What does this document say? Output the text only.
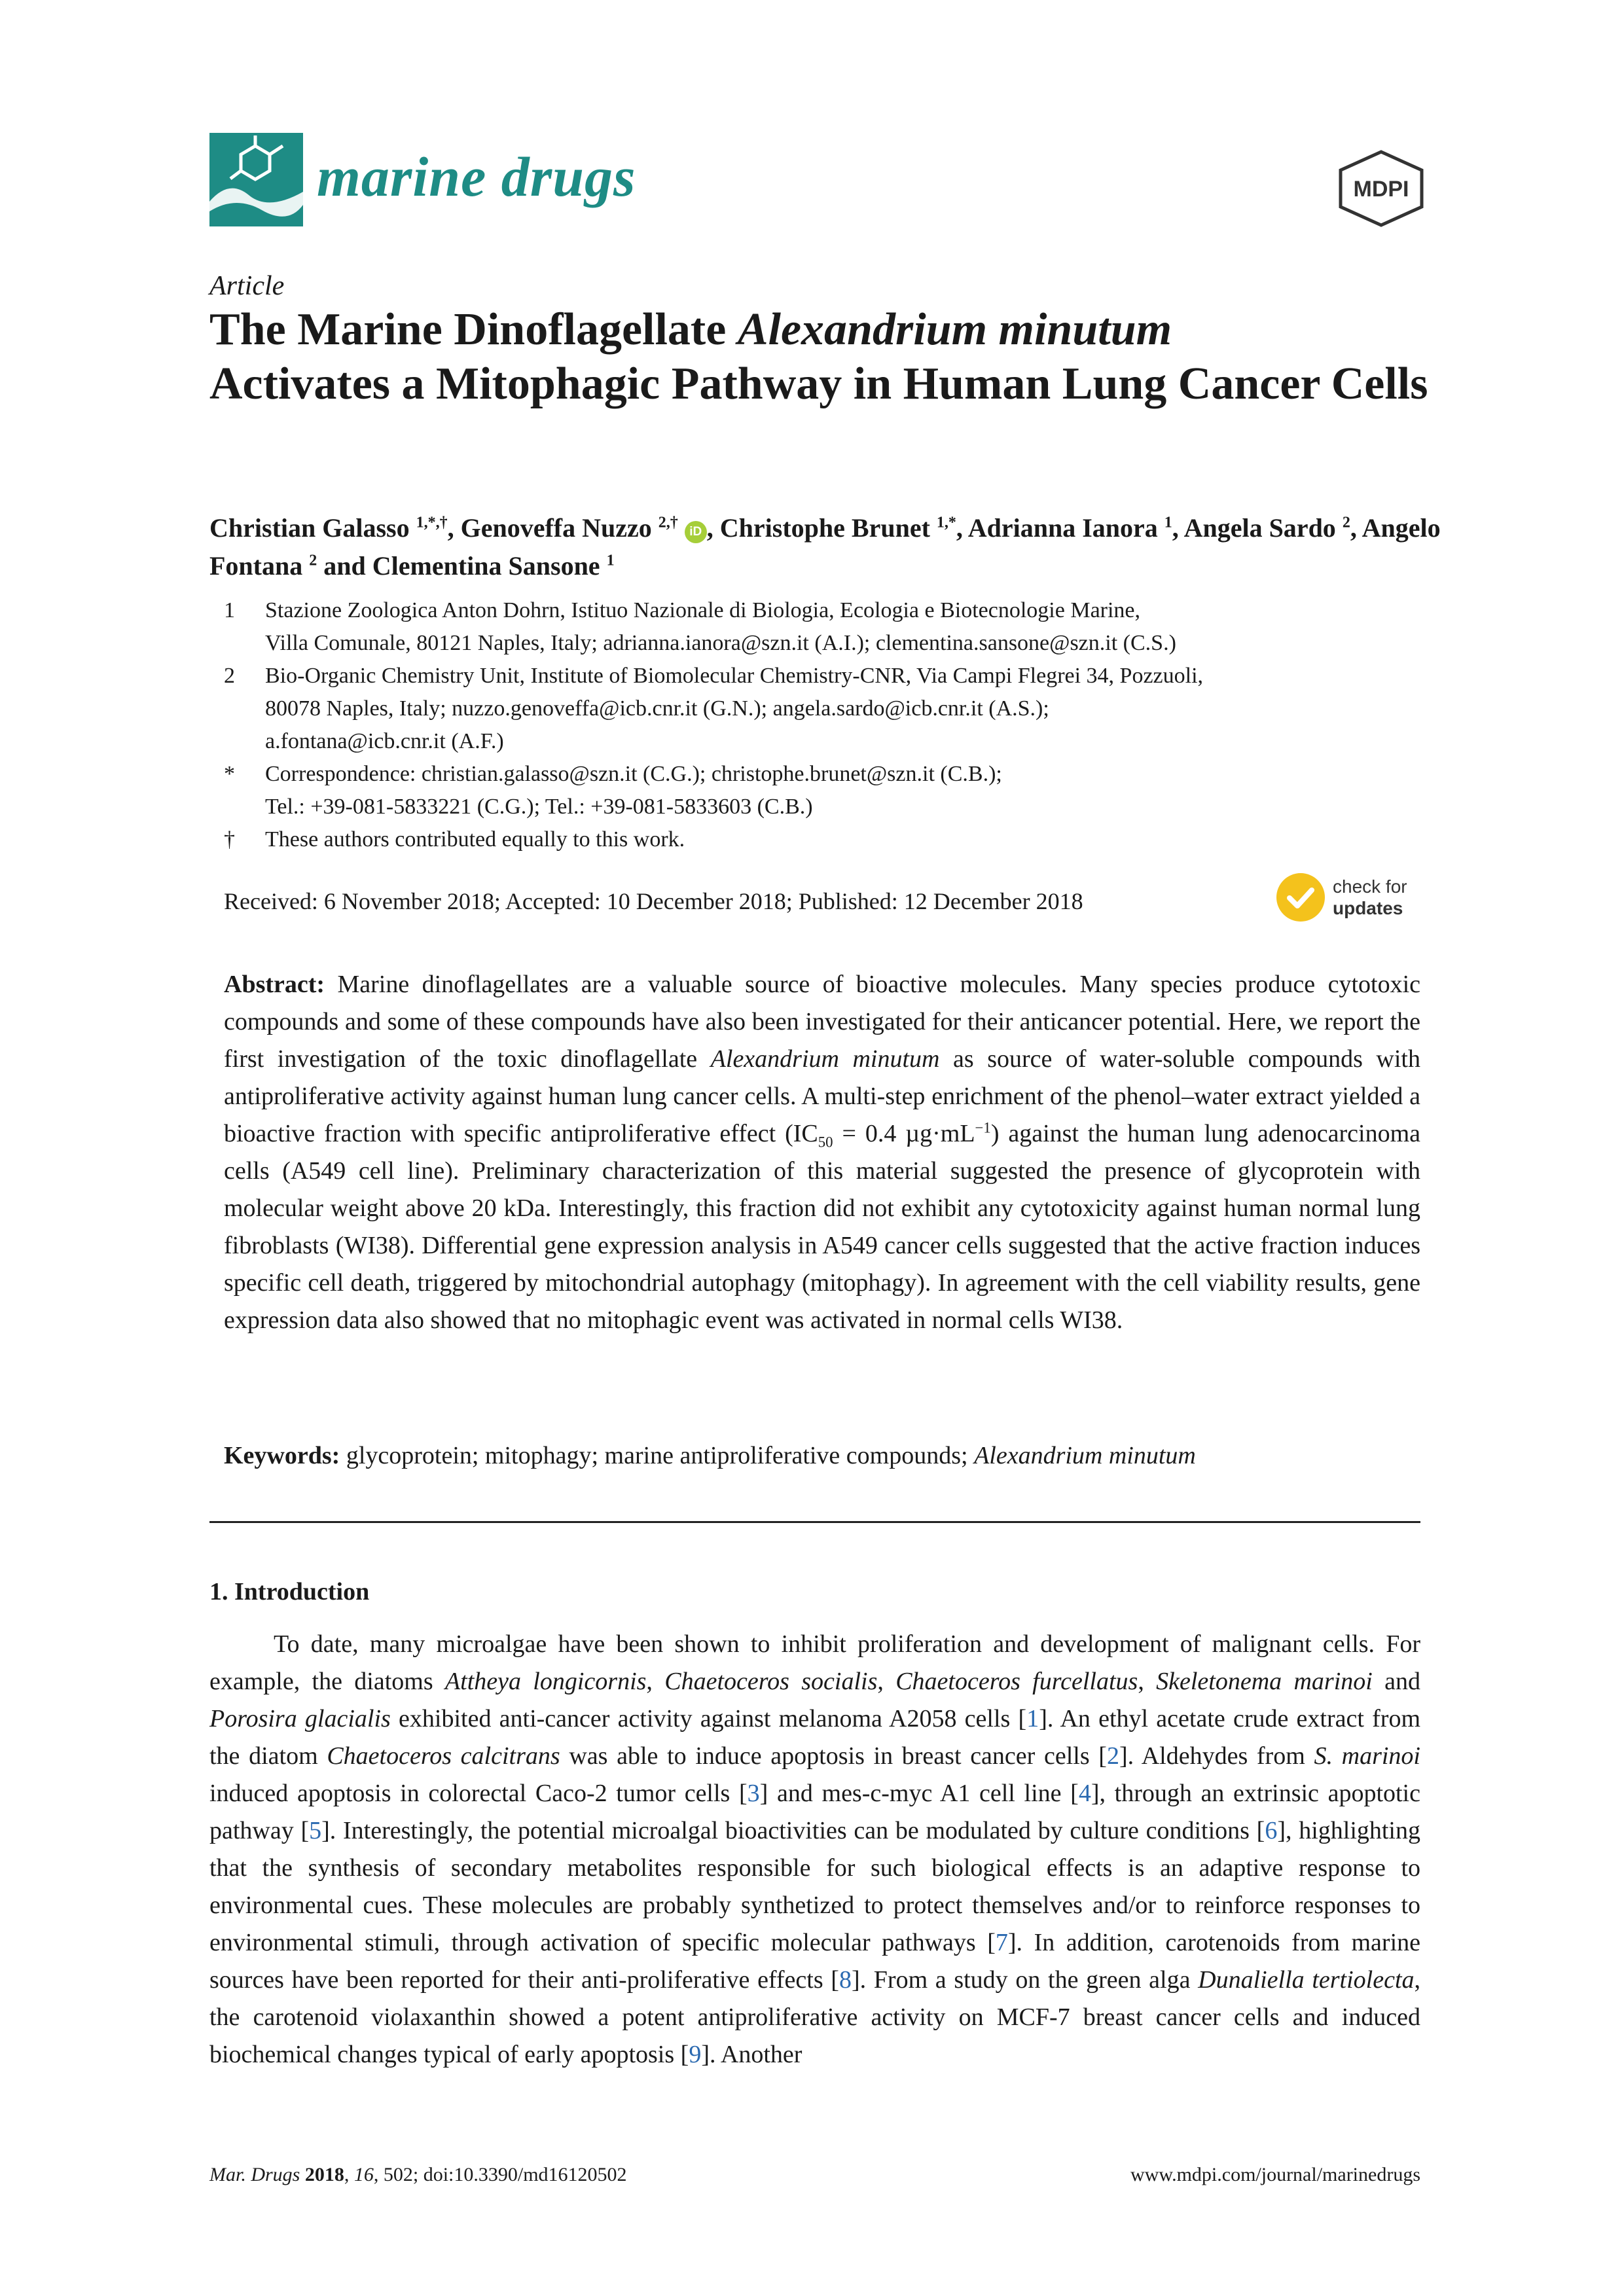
marine drugs	MDPI
Article
The Marine Dinoflagellate Alexandrium minutum
Activates a Mitophagic Pathway in Human Lung Cancer Cells
Christian Galasso $^{1,*,\dagger}$, Genoveffa Nuzzo $^{2,\dagger}$ iD , Christophe Brunet $^{1,*}$, Adrianna Ianora $^1$, Angela Sardo $^2$, Angelo Fontana $^2$ and Clementina Sansone $^1$
1	Stazione Zoologica Anton Dohrn, Istituo Nazionale di Biologia, Ecologia e Biotecnologie Marine,
Villa Comunale, 80121 Naples, Italy; adrianna.ianora@szn.it (A.I.); clementina.sansone@szn.it (C.S.)
2	Bio-Organic Chemistry Unit, Institute of Biomolecular Chemistry-CNR, Via Campi Flegrei 34, Pozzuoli,
80078 Naples, Italy; nuzzo.genoveffa@icb.cnr.it (G.N.); angela.sardo@icb.cnr.it (A.S.);
a.fontana@icb.cnr.it (A.F.)
*	Correspondence: christian.galasso@szn.it (C.G.); christophe.brunet@szn.it (C.B.);
Tel.: +39-081-5833221 (C.G.); Tel.: +39-081-5833603 (C.B.)
†	These authors contributed equally to this work.
Received: 6 November 2018; Accepted: 10 December 2018; Published: 12 December 2018
check for
updates
Abstract: Marine dinoflagellates are a valuable source of bioactive molecules. Many species produce cytotoxic compounds and some of these compounds have also been investigated for their anticancer potential. Here, we report the first investigation of the toxic dinoflagellate Alexandrium minutum as source of water-soluble compounds with antiproliferative activity against human lung cancer cells. A multi-step enrichment of the phenol–water extract yielded a bioactive fraction with specific antiproliferative effect ($IC_{50} = 0.4$ $\mu g\cdot mL^{-1}$) against the human lung adenocarcinoma cells (A549 cell line). Preliminary characterization of this material suggested the presence of glycoprotein with molecular weight above 20 kDa. Interestingly, this fraction did not exhibit any cytotoxicity against human normal lung fibroblasts (WI38). Differential gene expression analysis in A549 cancer cells suggested that the active fraction induces specific cell death, triggered by mitochondrial autophagy (mitophagy). In agreement with the cell viability results, gene expression data also showed that no mitophagic event was activated in normal cells WI38.
Keywords: glycoprotein; mitophagy; marine antiproliferative compounds; Alexandrium minutum
1. Introduction
To date, many microalgae have been shown to inhibit proliferation and development of malignant cells. For example, the diatoms Attheya longicornis, Chaetoceros socialis, Chaetoceros furcellatus, Skeletonema marinoi and Porosira glacialis exhibited anti-cancer activity against melanoma A2058 cells [1]. An ethyl acetate crude extract from the diatom Chaetoceros calcitrans was able to induce apoptosis in breast cancer cells [2]. Aldehydes from S. marinoi induced apoptosis in colorectal Caco-2 tumor cells [3] and mes-c-myc A1 cell line [4], through an extrinsic apoptotic pathway [5]. Interestingly, the potential microalgal bioactivities can be modulated by culture conditions [6], highlighting that the synthesis of secondary metabolites responsible for such biological effects is an adaptive response to environmental cues. These molecules are probably synthetized to protect themselves and/or to reinforce responses to environmental stimuli, through activation of specific molecular pathways [7]. In addition, carotenoids from marine sources have been reported for their anti-proliferative effects [8]. From a study on the green alga Dunaliella tertiolecta, the carotenoid violaxanthin showed a potent antiproliferative activity on MCF-7 breast cancer cells and induced biochemical changes typical of early apoptosis [9]. Another
Mar. Drugs 2018, 16, 502; doi:10.3390/md16120502	www.mdpi.com/journal/marinedrugs
